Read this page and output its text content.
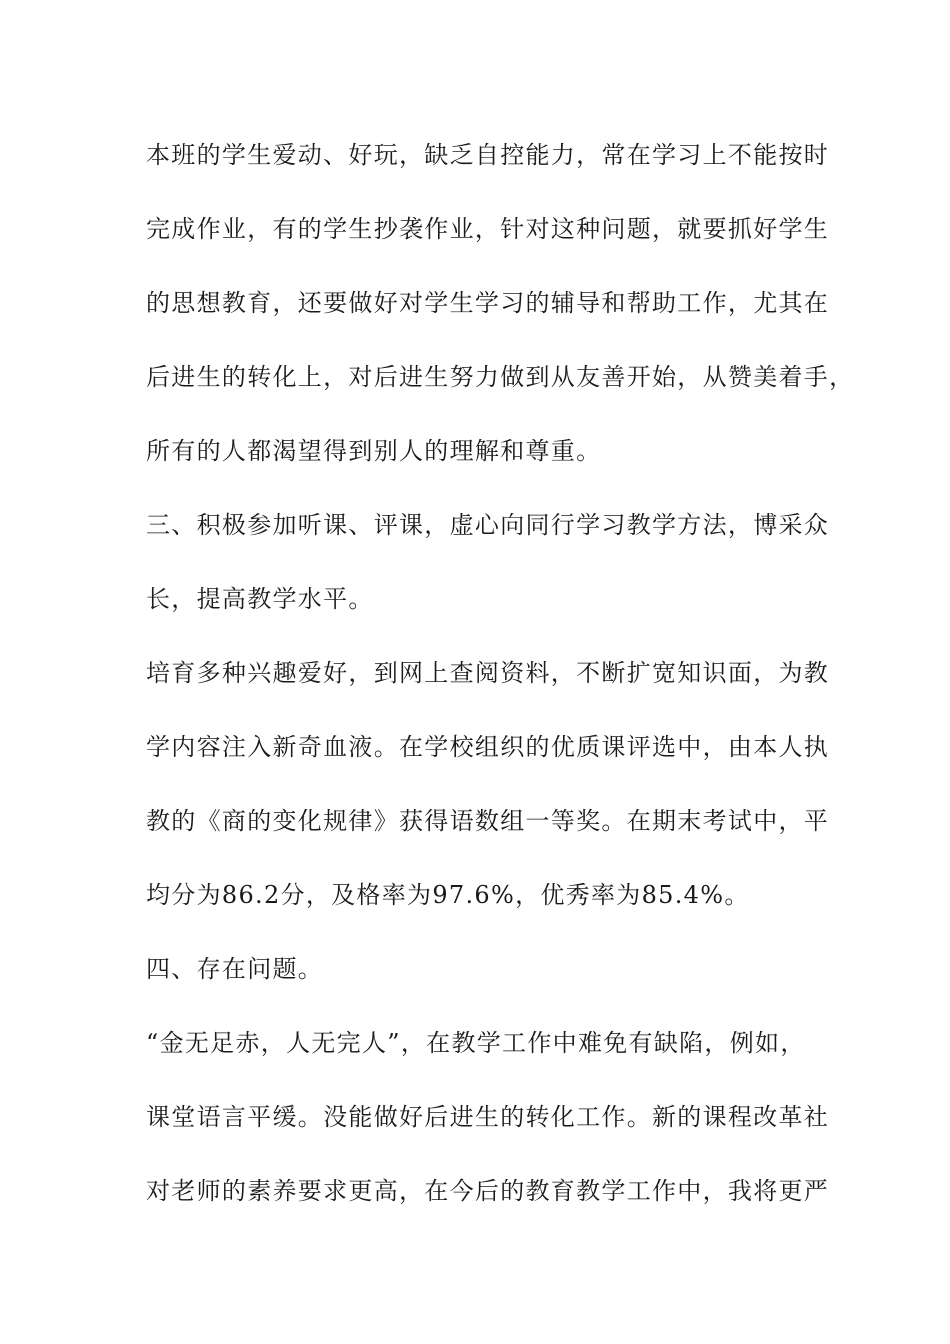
本班的学生爱动、好玩，缺乏自控能力，常在学习上不能按时
完成作业，有的学生抄袭作业，针对这种问题，就要抓好学生
的思想教育，还要做好对学生学习的辅导和帮助工作，尤其在
后进生的转化上，对后进生努力做到从友善开始，从赞美着手，
所有的人都渴望得到别人的理解和尊重。
三、积极参加听课、评课，虚心向同行学习教学方法，博采众
长，提高教学水平。
培育多种兴趣爱好，到网上查阅资料，不断扩宽知识面，为教
学内容注入新奇血液。在学校组织的优质课评选中，由本人执
教的《商的变化规律》获得语数组一等奖。在期末考试中，平
均分为86.2分，及格率为97.6%，优秀率为85.4%。
四、存在问题。
“金无足赤，人无完人”，在教学工作中难免有缺陷，例如，
课堂语言平缓。没能做好后进生的转化工作。新的课程改革社
对老师的素养要求更高，在今后的教育教学工作中，我将更严
